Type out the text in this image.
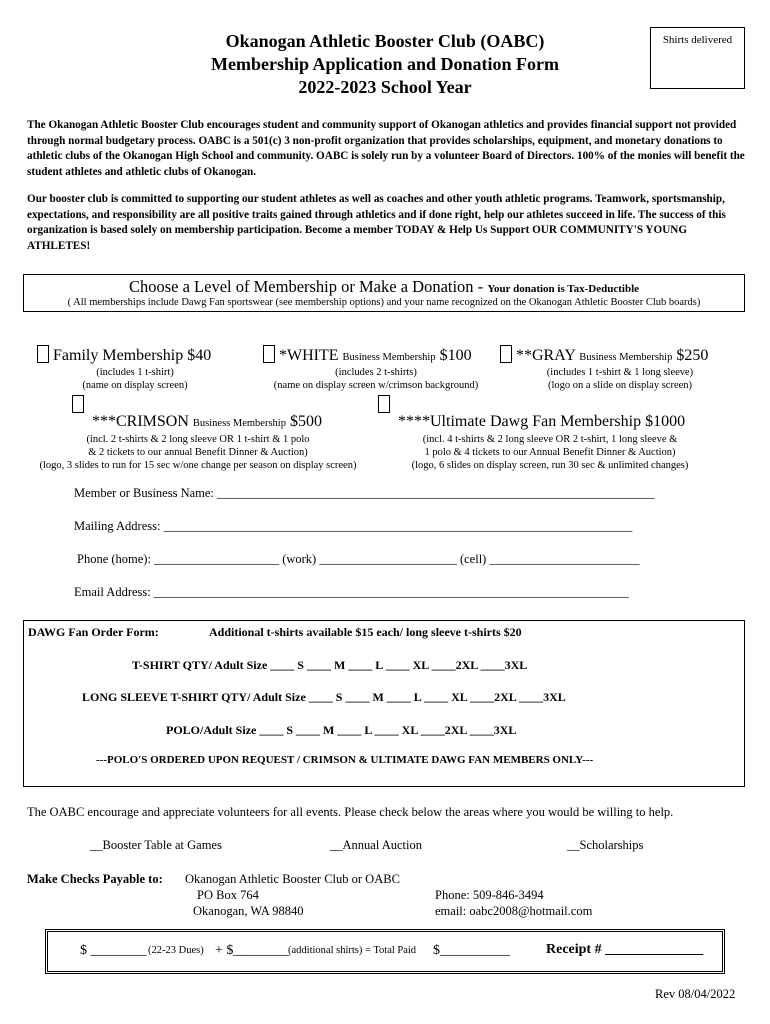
Okanogan Athletic Booster Club (OABC)
Membership Application and Donation Form
2022-2023 School Year
Shirts delivered
The Okanogan Athletic Booster Club encourages student and community support of Okanogan athletics and provides financial support not provided through normal budgetary process. OABC is a 501(c) 3 non-profit organization that provides scholarships, equipment, and monetary donations to athletic clubs of the Okanogan High School and community. OABC is solely run by a volunteer Board of Directors. 100% of the monies will benefit the student athletes and athletic clubs of Okanogan.
Our booster club is committed to supporting our student athletes as well as coaches and other youth athletic programs. Teamwork, sportsmanship, expectations, and responsibility are all positive traits gained through athletics and if done right, help our athletes succeed in life. The success of this organization is based solely on membership participation. Become a member TODAY & Help Us Support OUR COMMUNITY'S YOUNG ATHLETES!
Choose a Level of Membership or Make a Donation - Your donation is Tax-Deductible
( All memberships include Dawg Fan sportswear (see membership options) and your name recognized on the Okanogan Athletic Booster Club boards)
Family Membership $40
(includes 1 t-shirt)
(name on display screen)
*WHITE Business Membership $100
(includes 2 t-shirts)
(name on display screen w/crimson background)
**GRAY Business Membership $250
(includes 1 t-shirt & 1 long sleeve)
(logo on a slide on display screen)
***CRIMSON Business Membership $500
(incl. 2 t-shirts & 2 long sleeve OR 1 t-shirt & 1 polo
& 2 tickets to our annual Benefit Dinner & Auction)
(logo, 3 slides to run for 15 sec w/one change per season on display screen)
****Ultimate Dawg Fan Membership $1000
(incl. 4 t-shirts & 2 long sleeve OR 2 t-shirt, 1 long sleeve &
1 polo & 4 tickets to our Annual Benefit Dinner & Auction)
(logo, 6 slides on display screen, run 30 sec & unlimited changes)
Member or Business Name: ______________________________________________________________________
Mailing Address: ___________________________________________________________________________
Phone (home): ____________________ (work) ______________________ (cell) ________________________
Email Address: ____________________________________________________________________________
DAWG Fan Order Form:	Additional t-shirts available $15 each/ long sleeve t-shirts $20
T-SHIRT QTY/ Adult Size ____ S ____ M ____ L ____ XL ____2XL ____3XL
LONG SLEEVE T-SHIRT QTY/ Adult Size ____ S ____ M ____ L ____ XL ____2XL ____3XL
POLO/Adult Size ____ S ____ M ____ L ____ XL ____2XL ____3XL
---POLO'S ORDERED UPON REQUEST / CRIMSON & ULTIMATE DAWG FAN MEMBERS ONLY---
The OABC encourage and appreciate volunteers for all events. Please check below the areas where you would be willing to help.
__Booster Table at Games	__Annual Auction	__Scholarships
Make Checks Payable to: Okanogan Athletic Booster Club or OABC
PO Box 764
Okanogan, WA 98840
Phone: 509-846-3494
email: oabc2008@hotmail.com
$ ________ (22-23 Dues) + $________
(additional shirts) = Total Paid $__________	Receipt # ______________
Rev 08/04/2022
